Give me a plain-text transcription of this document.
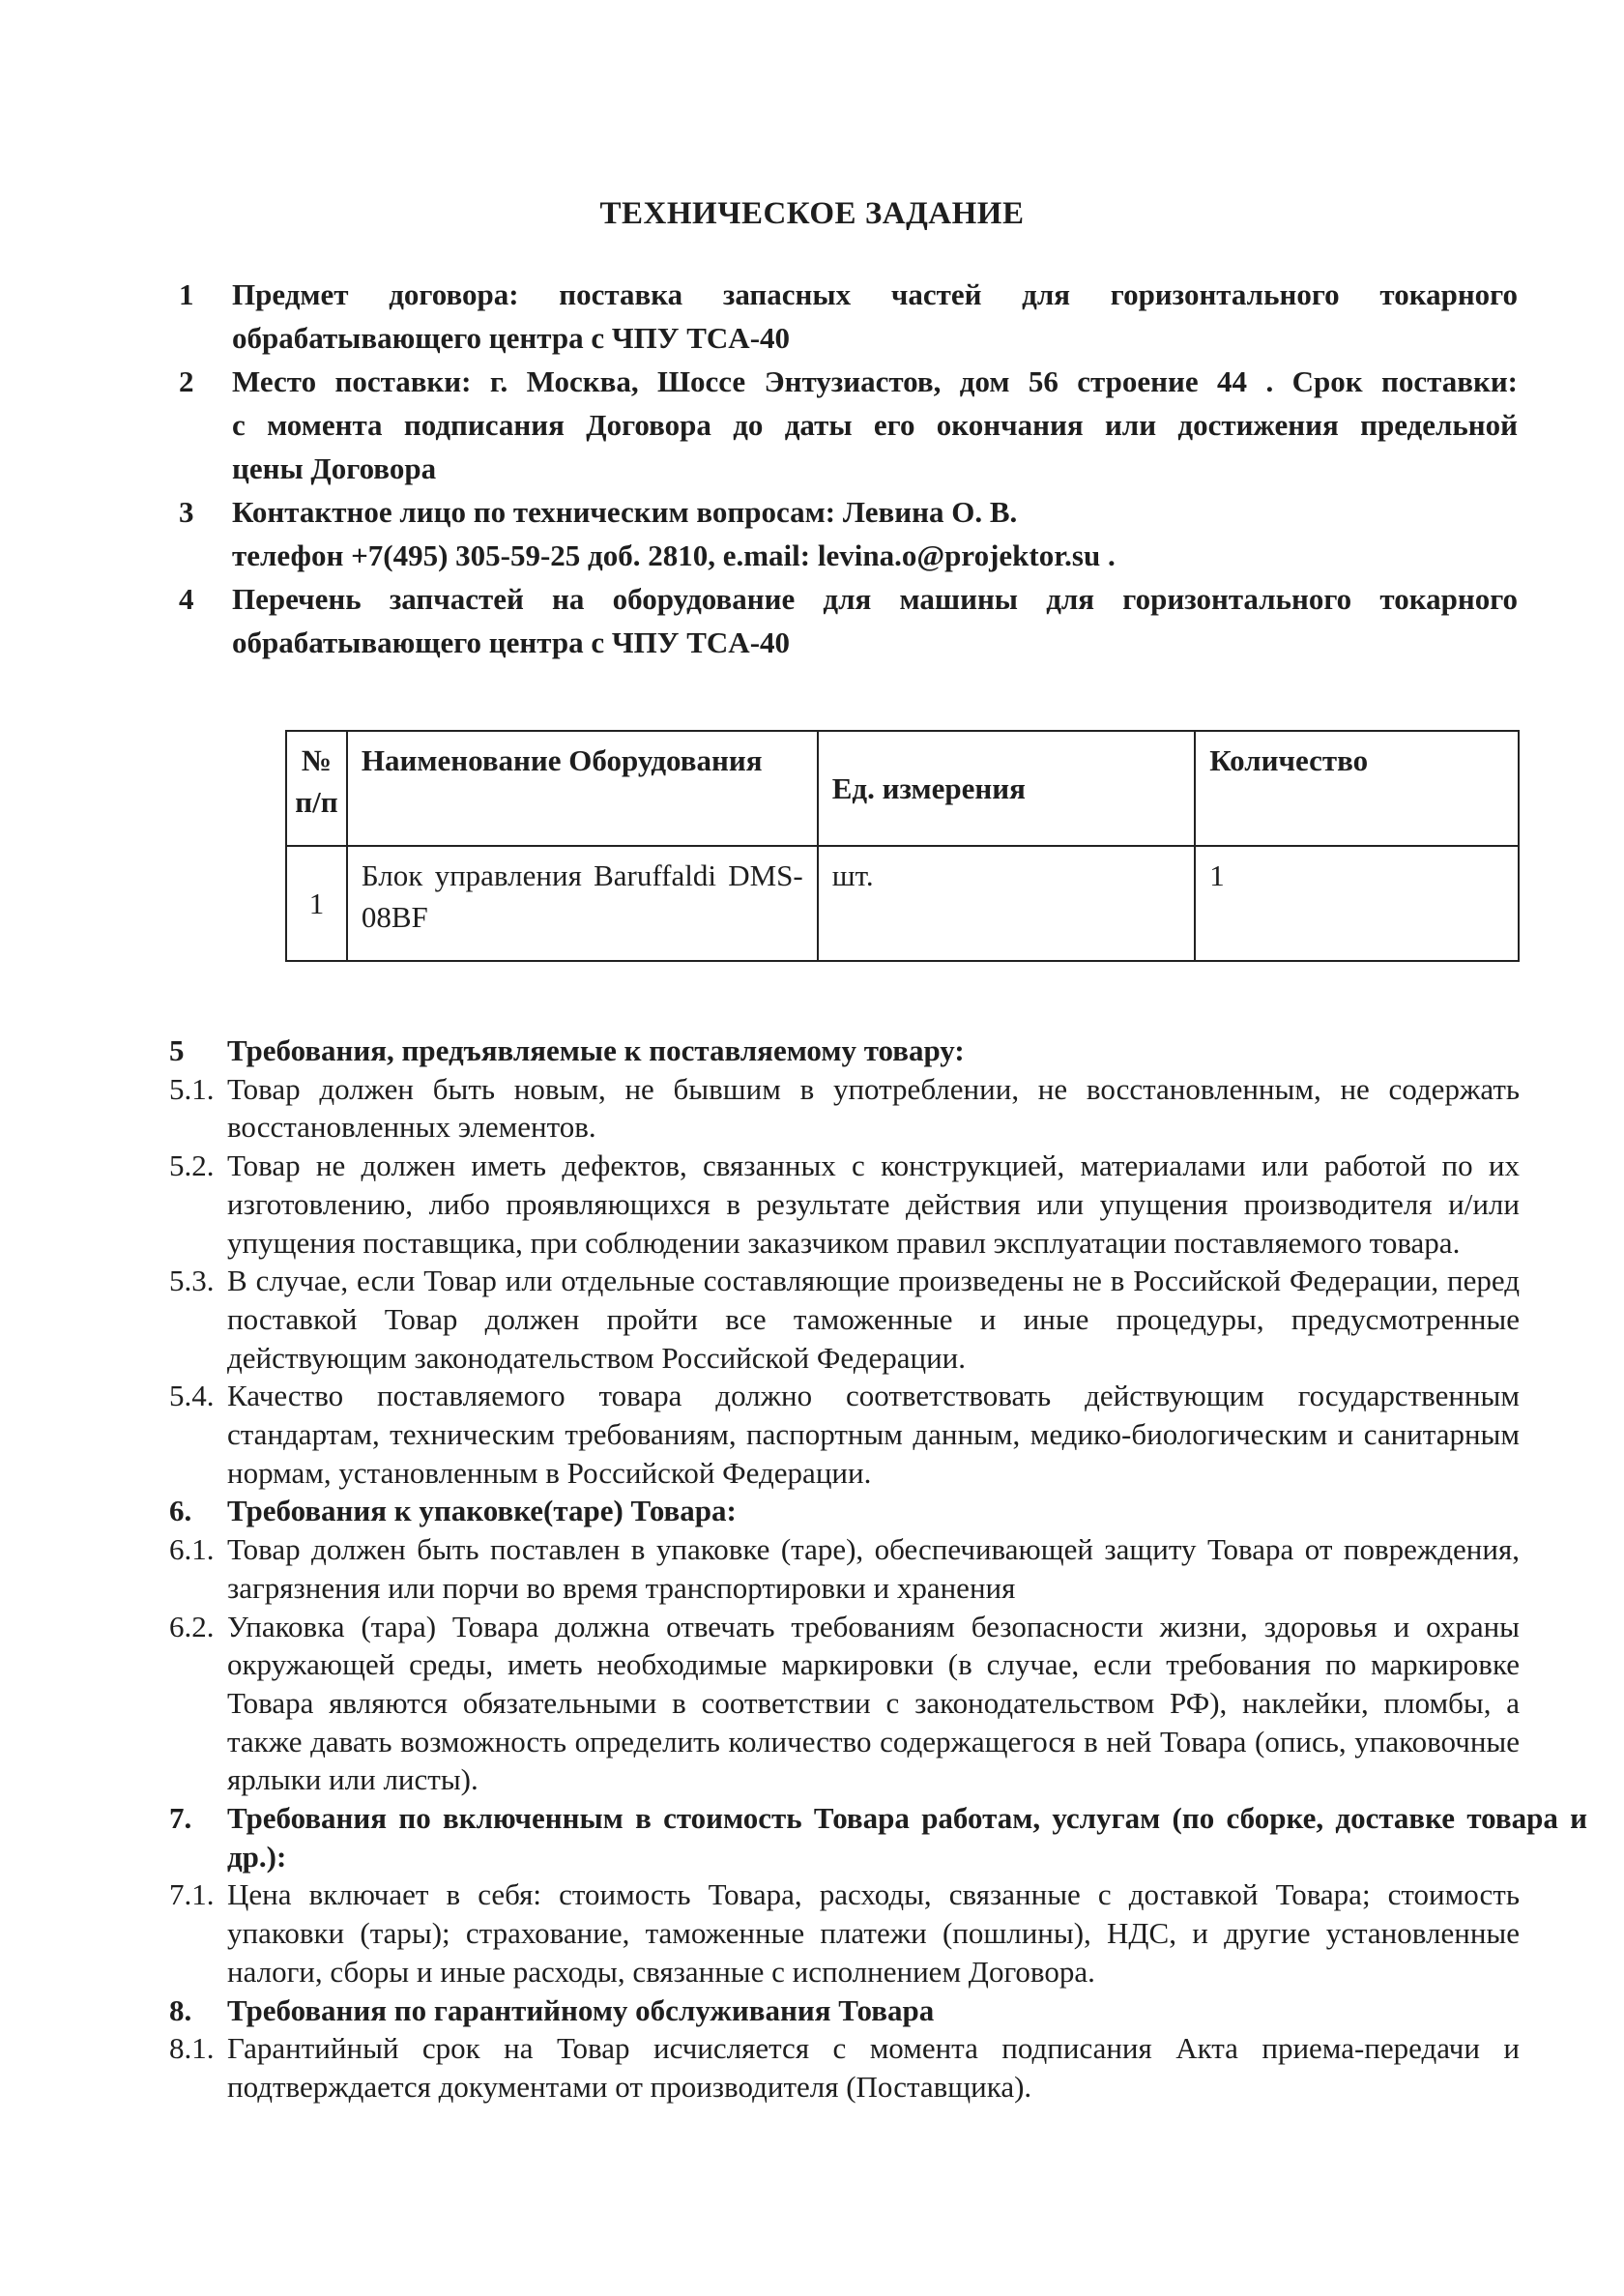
ТЕХНИЧЕСКОЕ ЗАДАНИЕ
1	Предмет договора: поставка запасных частей для горизонтального токарного
обрабатывающего центра с ЧПУ TCA-40
2	Место поставки: г. Москва, Шоссе Энтузиастов, дом 56 строение 44 . Срок поставки:
с момента подписания Договора до даты его окончания или достижения предельной
цены Договора
3	Контактное лицо по техническим вопросам: Левина О. В.
телефон +7(495) 305-59-25 доб. 2810, e.mail: levina.o@projektor.su .
4	Перечень запчастей на оборудование для машины для горизонтального токарного
обрабатывающего центра с ЧПУ TCA-40
№ п/п	Наименование Оборудования	Ед. измерения	Количество
1	Блок управления Baruffaldi DMS-08BF	шт.	1
5	Требования, предъявляемые к поставляемому товару:
5.1. Товар должен быть новым, не бывшим в употреблении, не восстановленным, не содержать восстановленных элементов.
5.2. Товар не должен иметь дефектов, связанных с конструкцией, материалами или работой по их изготовлению, либо проявляющихся в результате действия или упущения производителя и/или упущения поставщика, при соблюдении заказчиком правил эксплуатации поставляемого товара.
5.3. В случае, если Товар или отдельные составляющие произведены не в Российской Федерации, перед поставкой Товар должен пройти все таможенные и иные процедуры, предусмотренные действующим законодательством Российской Федерации.
5.4. Качество поставляемого товара должно соответствовать действующим государственным стандартам, техническим требованиям, паспортным данным, медико-биологическим и санитарным нормам, установленным в Российской Федерации.
6.	Требования к упаковке(таре) Товара:
6.1. Товар должен быть поставлен в упаковке (таре), обеспечивающей защиту Товара от повреждения, загрязнения или порчи во время транспортировки и хранения
6.2. Упаковка (тара) Товара должна отвечать требованиям безопасности жизни, здоровья и охраны окружающей среды, иметь необходимые маркировки (в случае, если требования по маркировке Товара являются обязательными в соответствии с законодательством РФ), наклейки, пломбы, а также давать возможность определить количество содержащегося в ней Товара (опись, упаковочные ярлыки или листы).
7.	Требования по включенным в стоимость Товара работам, услугам (по сборке, доставке товара и др.):
7.1. Цена включает в себя: стоимость Товара, расходы, связанные с доставкой Товара; стоимость упаковки (тары); страхование, таможенные платежи (пошлины), НДС, и другие установленные налоги, сборы и иные расходы, связанные с исполнением Договора.
8.	Требования по гарантийному обслуживания Товара
8.1. Гарантийный срок на Товар исчисляется с момента подписания Акта приема-передачи и подтверждается документами от производителя (Поставщика).
